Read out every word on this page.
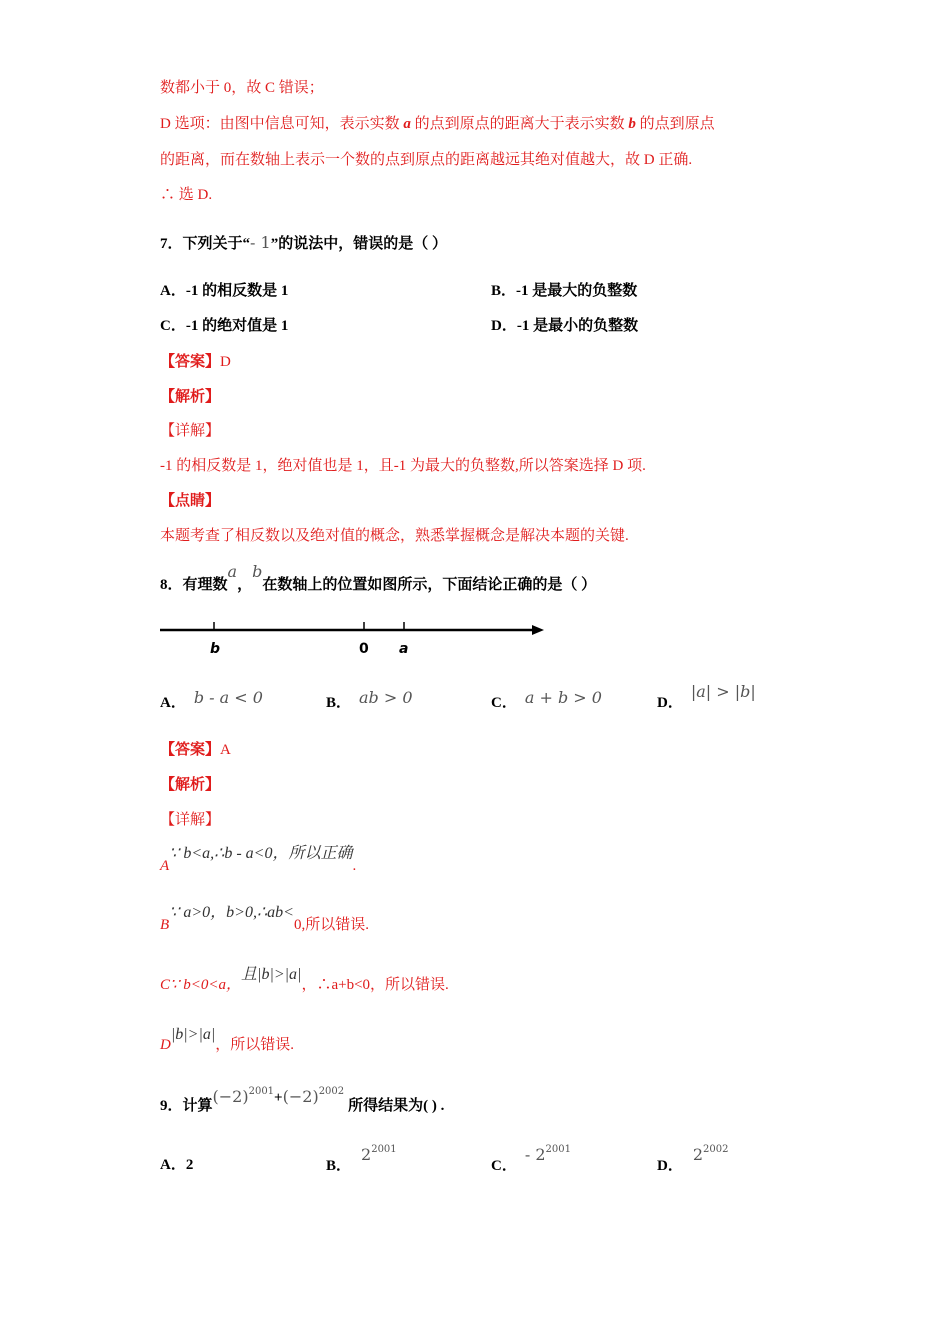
数都小于 0，故 C 错误；
D 选项：由图中信息可知，表示实数 a 的点到原点的距离大于表示实数 b 的点到原点
的距离，而在数轴上表示一个数的点到原点的距离越远其绝对值越大，故 D 正确.
∴ 选 D.
7．下列关于“- 1”的说法中，错误的是（ ）
A．-1 的相反数是 1	B．-1 是最大的负整数
C．-1 的绝对值是 1	D．-1 是最小的负整数
【答案】D
【解析】
【详解】
-1 的相反数是 1，绝对值也是 1，且-1 为最大的负整数,所以答案选择 D 项.
【点睛】
本题考查了相反数以及绝对值的概念，熟悉掌握概念是解决本题的关键.
8．有理数a，b在数轴上的位置如图所示，下面结论正确的是（ ）
b	0 a
A． b - a < 0	B． ab > 0	C． a + b > 0	D．|a| > |b|
【答案】A
【解析】
【详解】
A∵ b<a,∴b - a<0，所以正确.
B∵ a>0，b>0,∴ab<0,所以错误.
C∵ b<0<a，且|b|>|a|，∴a+b<0，所以错误.
D|b|>|a|，所以错误.
9．计算$(-2)^{2001}+(-2)^{2002}$所得结果为( ) .
A．2	B．$2^{2001}$
C．- $2^{2001}$
D．$2^{2002}$
